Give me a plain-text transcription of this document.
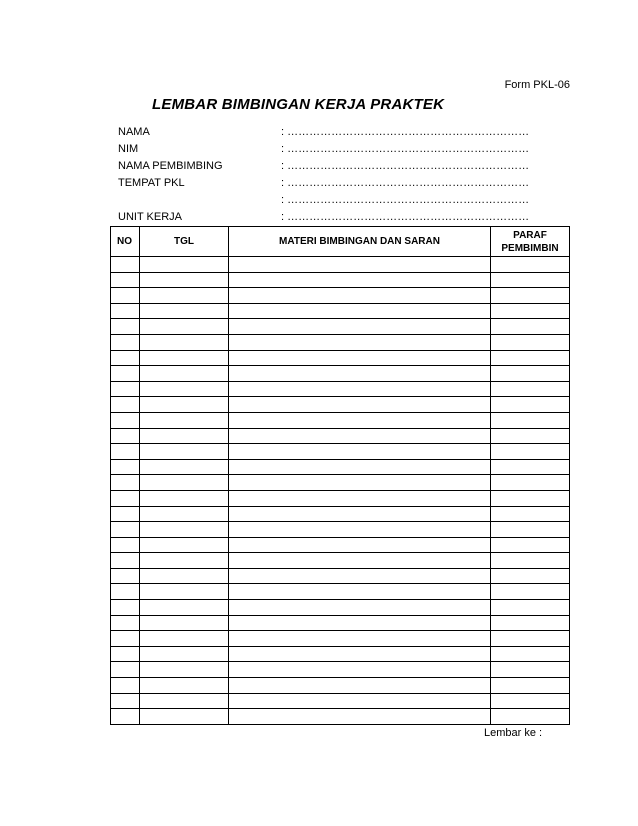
Form PKL-06
LEMBAR BIMBINGAN KERJA PRAKTEK
NAMA	: …………………………………………………………
NIM	: …………………………………………………………
NAMA PEMBIMBING	: …………………………………………………………
TEMPAT PKL	: …………………………………………………………
: …………………………………………………………
UNIT KERJA	: …………………………………………………………
NO	TGL	MATERI BIMBINGAN DAN SARAN	PARAF PEMBIMBIN

Lembar ke :
